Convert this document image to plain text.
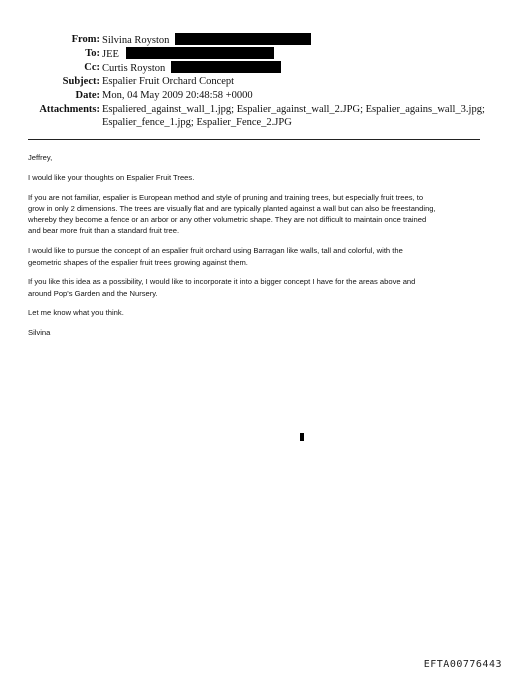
From: Silvina Royston
To: JEE
Cc: Curtis Royston
Subject: Espalier Fruit Orchard Concept
Date: Mon, 04 May 2009 20:48:58 +0000
Attachments: Espaliered_against_wall_1.jpg; Espalier_against_wall_2.JPG; Espalier_agains_wall_3.jpg;
Espalier_fence_1.jpg; Espalier_Fence_2.JPG

Jeffrey,

I would like your thoughts on Espalier Fruit Trees.

If you are not familiar, espalier is European method and style of pruning and training trees, but especially fruit trees, to
grow in only 2 dimensions. The trees are visually flat and are typically planted against a wall but can also be freestanding,
whereby they become a fence or an arbor or any other volumetric shape. They are not difficult to maintain once trained
and bear more fruit than a standard fruit tree.

I would like to pursue the concept of an espalier fruit orchard using Barragan like walls, tall and colorful, with the
geometric shapes of the espalier fruit trees growing against them.

If you like this idea as a possibility, I would like to incorporate it into a bigger concept I have for the areas above and
around Pop's Garden and the Nursery.

Let me know what you think.

Silvina

EFTA00776443
